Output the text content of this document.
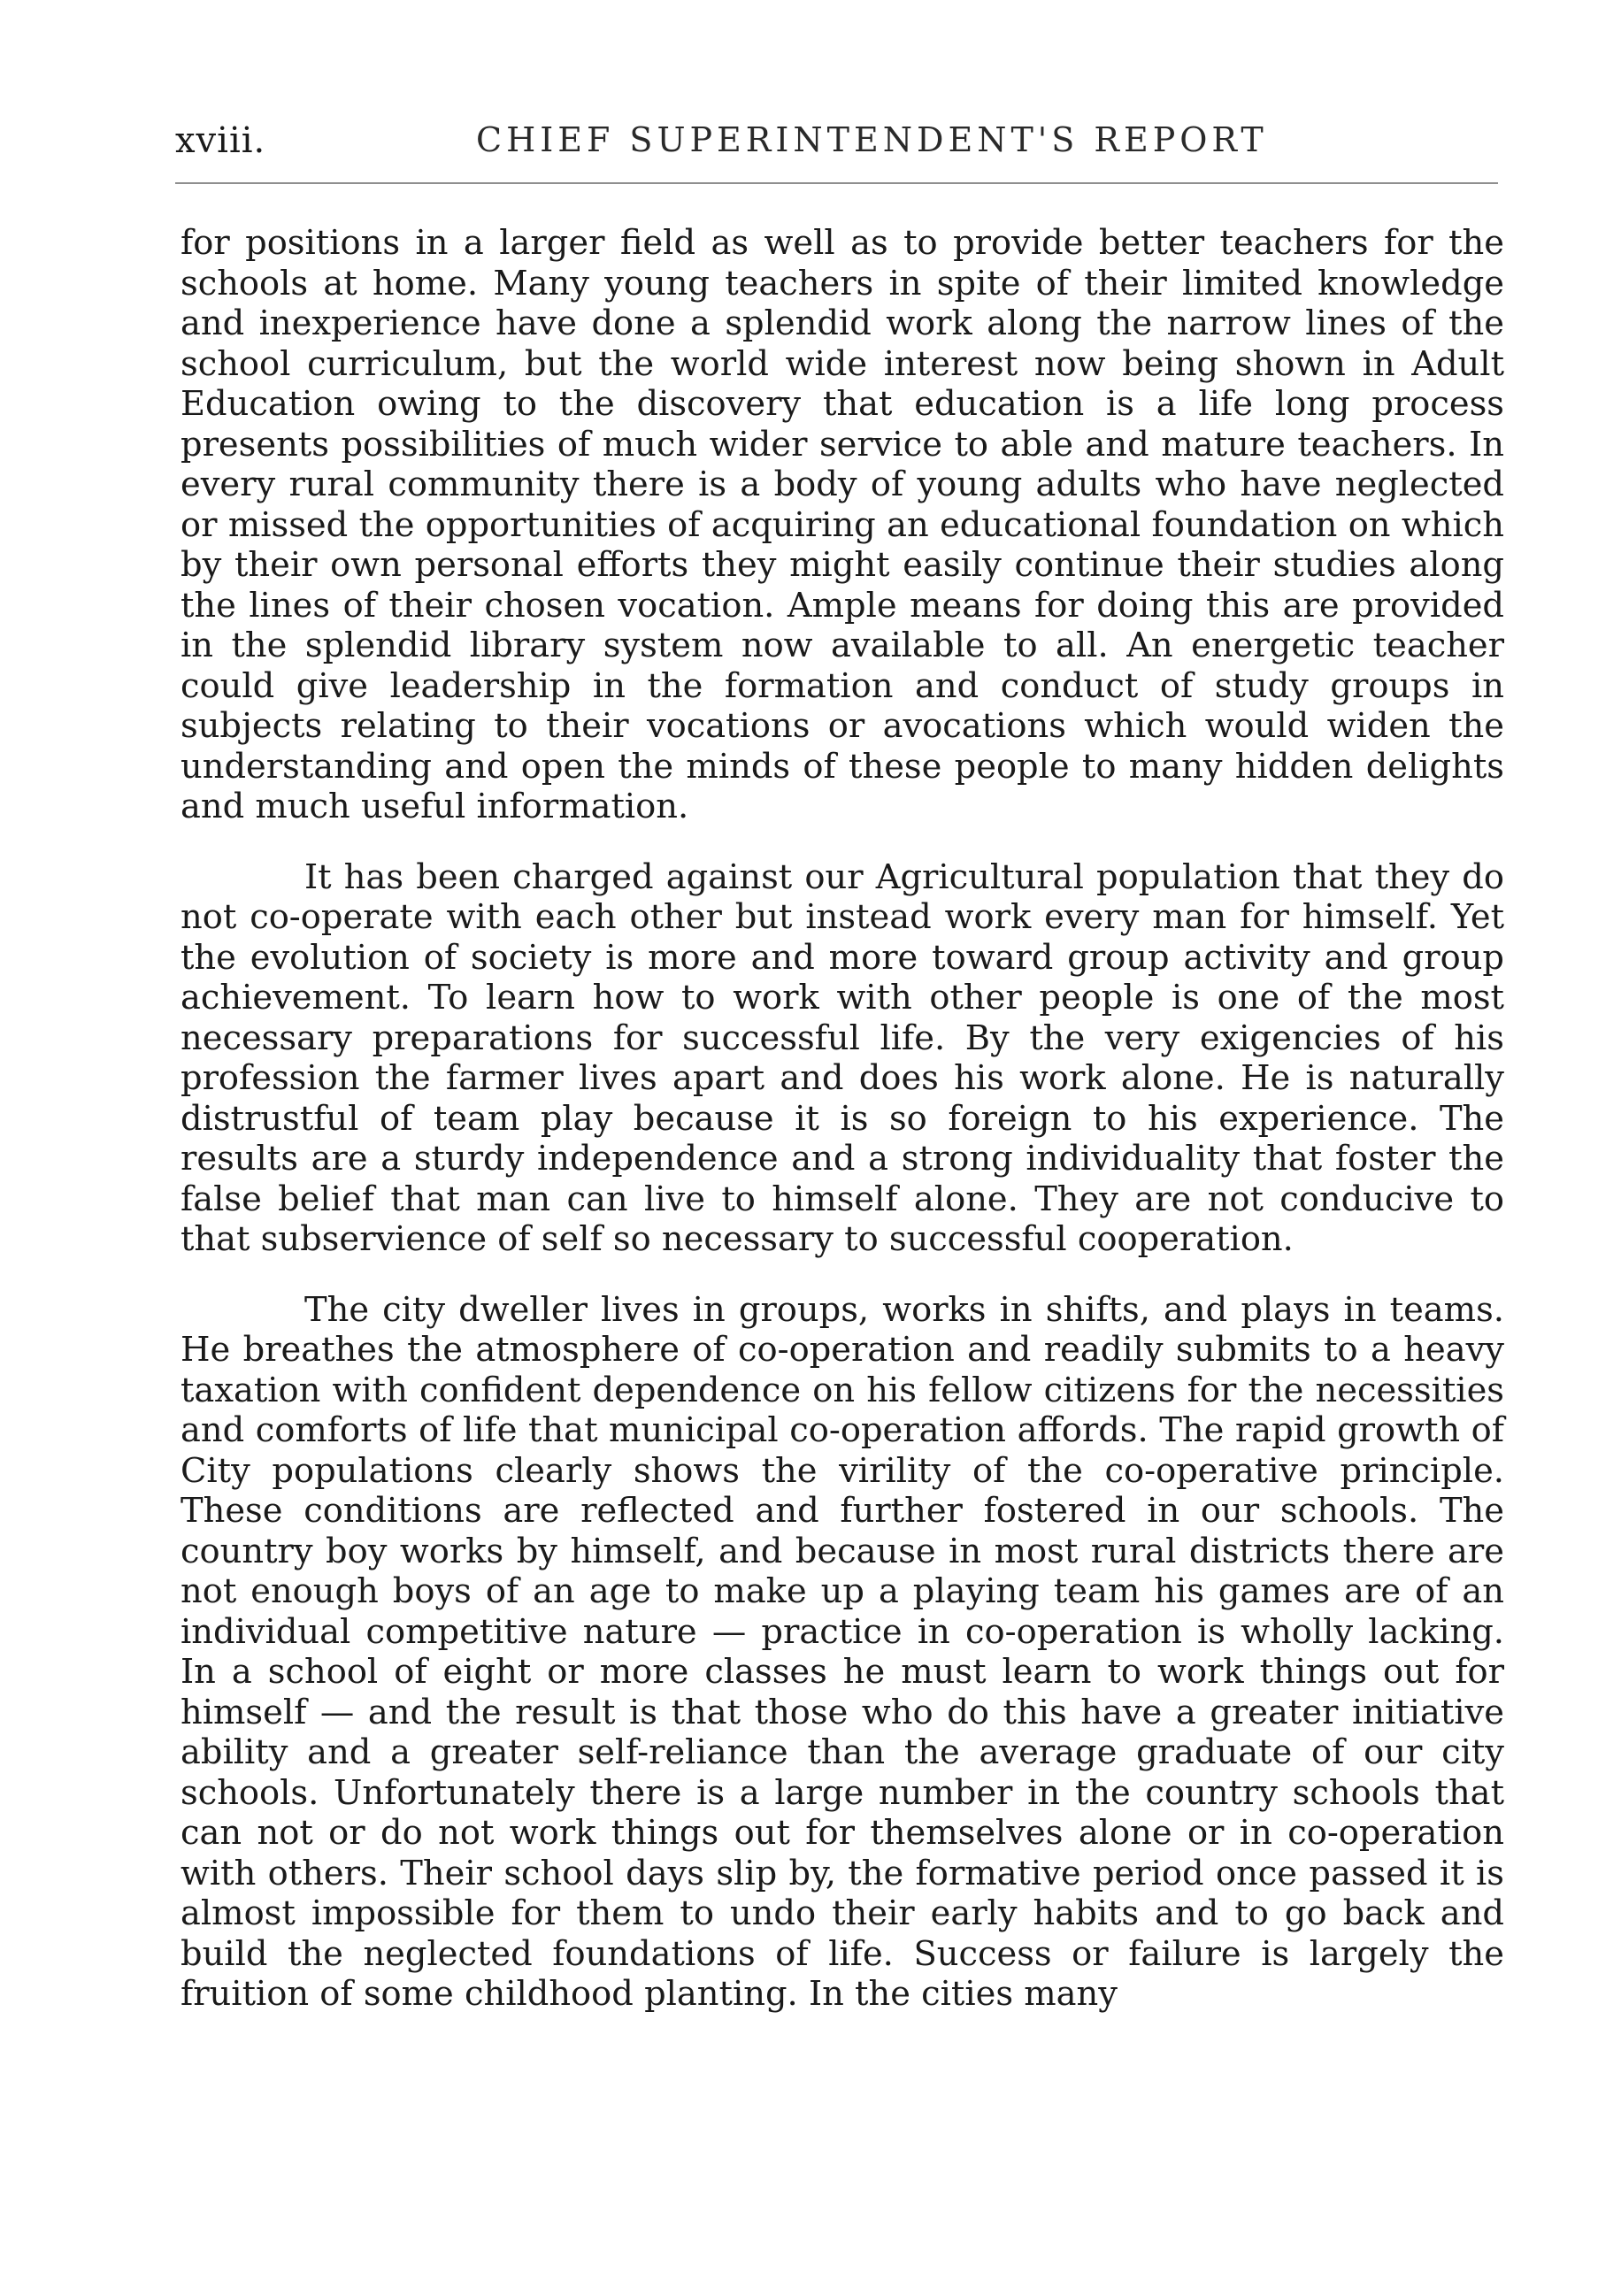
xviii.	CHIEF SUPERINTENDENT'S REPORT

for positions in a larger field as well as to provide better teachers for the schools at home. Many young teachers in spite of their limited knowledge and inexperience have done a splendid work along the narrow lines of the school curriculum, but the world wide interest now being shown in Adult Education owing to the discovery that education is a life long process presents possibilities of much wider service to able and mature teachers. In every rural community there is a body of young adults who have neglected or missed the opportunities of acquiring an educational foundation on which by their own personal efforts they might easily continue their studies along the lines of their chosen vocation. Ample means for doing this are provided in the splendid library system now available to all. An energetic teacher could give leadership in the formation and conduct of study groups in subjects relating to their vocations or avocations which would widen the understanding and open the minds of these people to many hidden delights and much useful information.

It has been charged against our Agricultural population that they do not co-operate with each other but instead work every man for himself. Yet the evolution of society is more and more toward group activity and group achievement. To learn how to work with other people is one of the most necessary preparations for successful life. By the very exigencies of his profession the farmer lives apart and does his work alone. He is naturally distrustful of team play because it is so foreign to his experience. The results are a sturdy independence and a strong individuality that foster the false belief that man can live to himself alone. They are not conducive to that subservience of self so necessary to successful cooperation.

The city dweller lives in groups, works in shifts, and plays in teams. He breathes the atmosphere of co-operation and readily submits to a heavy taxation with confident dependence on his fellow citizens for the necessities and comforts of life that municipal co-operation affords. The rapid growth of City populations clearly shows the virility of the co-operative principle. These conditions are reflected and further fostered in our schools. The country boy works by himself, and because in most rural districts there are not enough boys of an age to make up a playing team his games are of an individual competitive nature — practice in co-operation is wholly lacking. In a school of eight or more classes he must learn to work things out for himself — and the result is that those who do this have a greater initiative ability and a greater self-reliance than the average graduate of our city schools. Unfortunately there is a large number in the country schools that can not or do not work things out for themselves alone or in co-operation with others. Their school days slip by, the formative period once passed it is almost impossible for them to undo their early habits and to go back and build the neglected foundations of life. Success or failure is largely the fruition of some childhood planting. In the cities many
